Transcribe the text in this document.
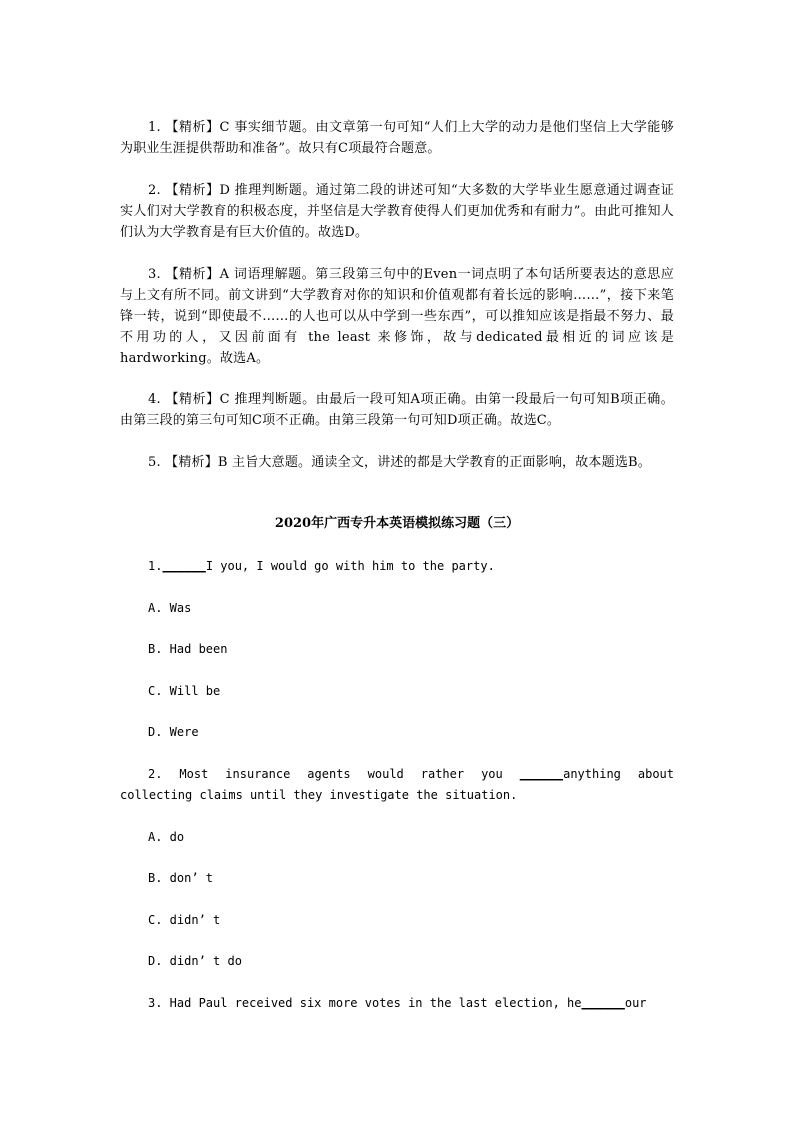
1. 【精析】C 事实细节题。由文章第一句可知“人们上大学的动力是他们坚信上大学能够为职业生涯提供帮助和准备”。故只有C项最符合题意。

2. 【精析】D 推理判断题。通过第二段的讲述可知“大多数的大学毕业生愿意通过调查证实人们对大学教育的积极态度，并坚信是大学教育使得人们更加优秀和有耐力”。由此可推知人们认为大学教育是有巨大价值的。故选D。

3. 【精析】A 词语理解题。第三段第三句中的Even一词点明了本句话所要表达的意思应与上文有所不同。前文讲到“大学教育对你的知识和价值观都有着长远的影响……”，接下来笔锋一转，说到“即使最不……的人也可以从中学到一些东西”，可以推知应该是指最不努力、最不用功的人，又因前面有 the least 来修饰，故与dedicated最相近的词应该是hardworking。故选A。

4. 【精析】C 推理判断题。由最后一段可知A项正确。由第一段最后一句可知B项正确。由第三段的第三句可知C项不正确。由第三段第一句可知D项正确。故选C。

5. 【精析】B 主旨大意题。通读全文，讲述的都是大学教育的正面影响，故本题选B。

2020年广西专升本英语模拟练习题（三）
1.______I you, I would go with him to the party.
A. Was
B. Had been
C. Will be
D. Were
2. Most insurance agents would rather you ______anything about collecting claims until they investigate the situation.
A. do
B. don’ t
C. didn’ t
D. didn’ t do
3. Had Paul received six more votes in the last election, he______our
